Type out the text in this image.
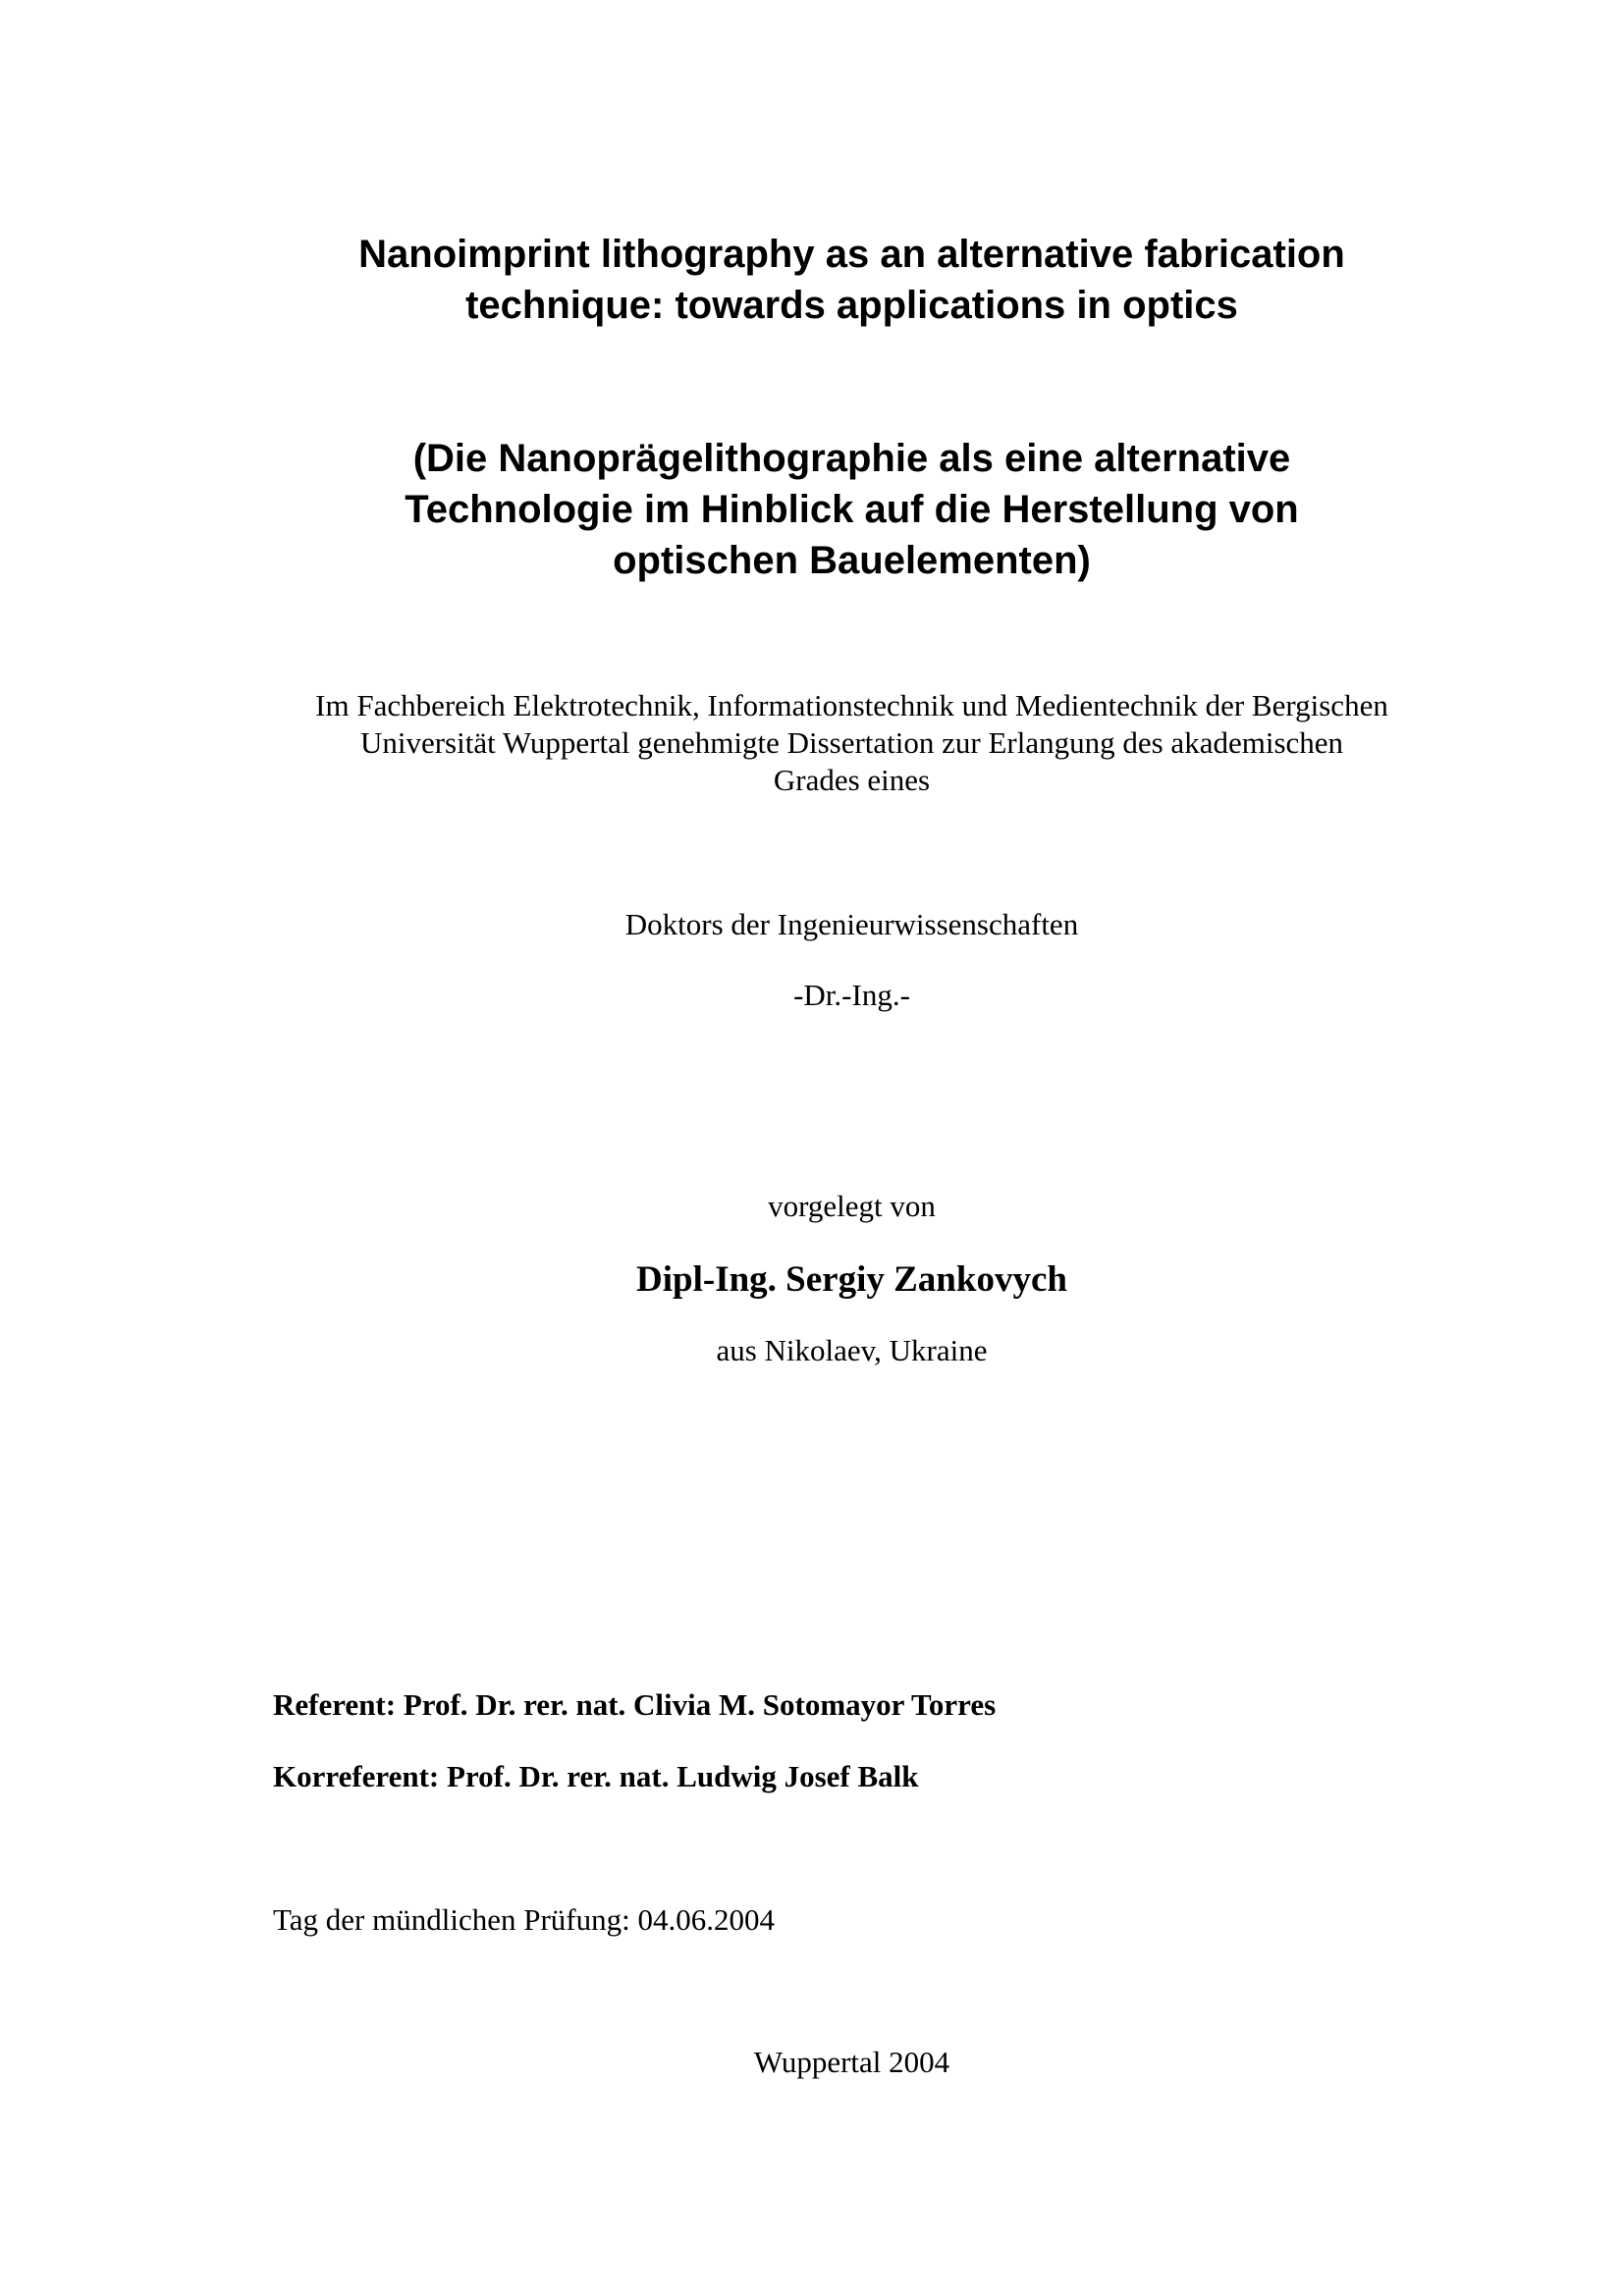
Nanoimprint lithography as an alternative fabrication
technique: towards applications in optics
(Die Nanoprägelithographie als eine alternative
Technologie im Hinblick auf die Herstellung von
optischen Bauelementen)
Im Fachbereich Elektrotechnik, Informationstechnik und Medientechnik der Bergischen
Universität Wuppertal genehmigte Dissertation zur Erlangung des akademischen
Grades eines
Doktors der Ingenieurwissenschaften
-Dr.-Ing.-
vorgelegt von
Dipl-Ing. Sergiy Zankovych
aus Nikolaev, Ukraine
Referent: Prof. Dr. rer. nat. Clivia M. Sotomayor Torres
Korreferent: Prof. Dr. rer. nat. Ludwig Josef Balk
Tag der mündlichen Prüfung: 04.06.2004
Wuppertal 2004
